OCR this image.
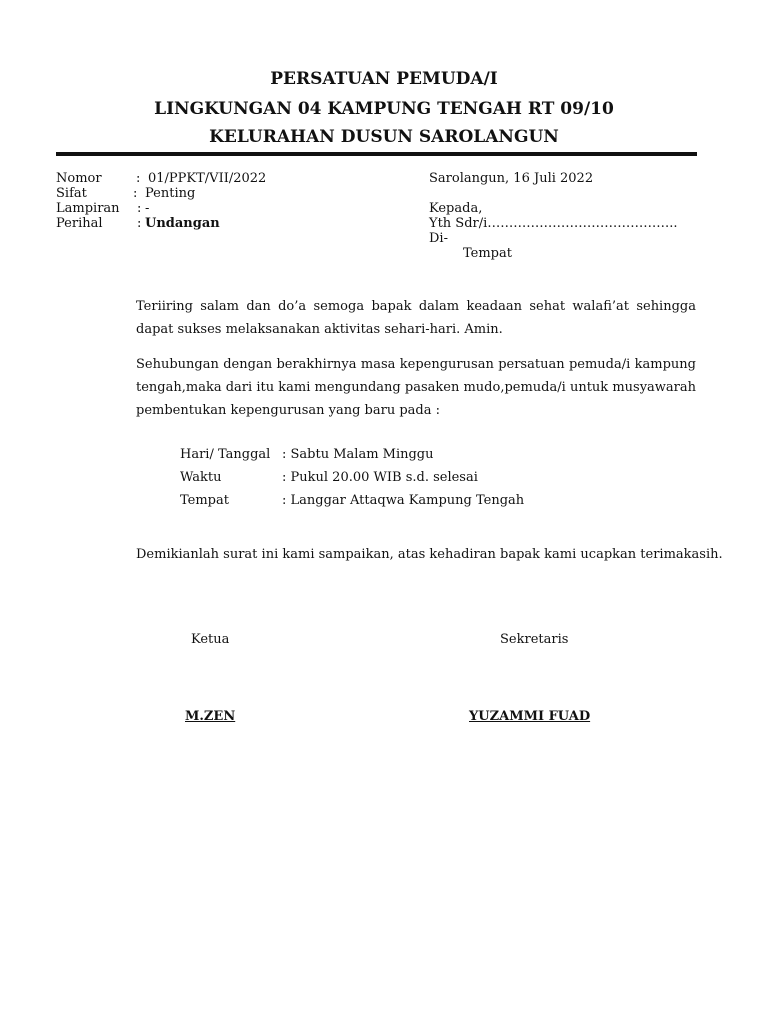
PERSATUAN PEMUDA/I
LINGKUNGAN 04 KAMPUNG TENGAH RT 09/10
KELURAHAN DUSUN SAROLANGUN
Nomor	: 01/PPKT/VII/2022
Sifat	: Penting
Lampiran : -
Perihal	: Undangan
Sarolangun, 16 Juli 2022
Kepada,
Yth Sdr/i……………………………………..
Di-
Tempat
Teriiring salam dan do’a semoga bapak dalam keadaan sehat walafi’at sehingga dapat sukses melaksanakan aktivitas sehari-hari. Amin.
Sehubungan dengan berakhirnya masa kepengurusan persatuan pemuda/i kampung tengah,maka dari itu kami mengundang pasaken mudo,pemuda/i untuk musyawarah pembentukan kepengurusan yang baru pada :
Hari/ Tanggal : Sabtu Malam Minggu
Waktu	: Pukul 20.00 WIB s.d. selesai
Tempat	: Langgar Attaqwa Kampung Tengah
Demikianlah surat ini kami sampaikan, atas kehadiran bapak kami ucapkan terimakasih.
Ketua	Sekretaris
M.ZEN	YUZAMMI FUAD
